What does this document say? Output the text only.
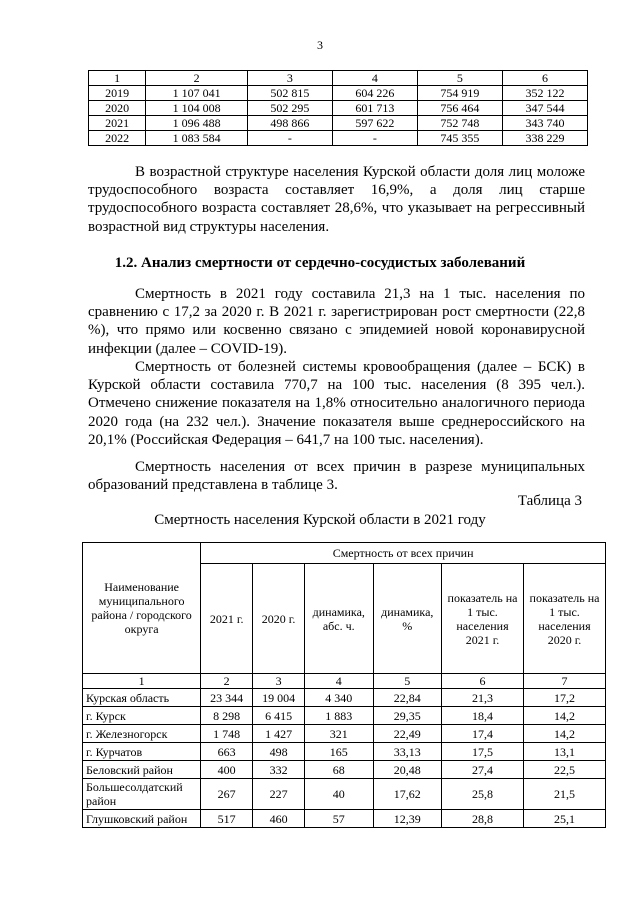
3
1	2	3	4	5	6
2019	1 107 041	502 815	604 226	754 919	352 122
2020	1 104 008	502 295	601 713	756 464	347 544
2021	1 096 488	498 866	597 622	752 748	343 740
2022	1 083 584	-	-	745 355	338 229
В возрастной структуре населения Курской области доля лиц моложе трудоспособного возраста составляет 16,9%, а доля лиц старше трудоспособного возраста составляет 28,6%, что указывает на регрессивный возрастной вид структуры населения.
1.2. Анализ смертности от сердечно-сосудистых заболеваний
Смертность в 2021 году составила 21,3 на 1 тыс. населения по сравнению с 17,2 за 2020 г. В 2021 г. зарегистрирован рост смертности (22,8 %), что прямо или косвенно связано с эпидемией новой коронавирусной инфекции (далее – COVID-19).
Смертность от болезней системы кровообращения (далее – БСК) в Курской области составила 770,7 на 100 тыс. населения (8 395 чел.). Отмечено снижение показателя на 1,8% относительно аналогичного периода 2020 года (на 232 чел.). Значение показателя выше среднероссийского на 20,1% (Российская Федерация – 641,7 на 100 тыс. населения).
Смертность населения от всех причин в разрезе муниципальных образований представлена в таблице 3.
Таблица 3
Смертность населения Курской области в 2021 году
Наименование муниципального района / городского округа	Смертность от всех причин					
	2021 г.	2020 г.	динамика, абс. ч.	динамика, %	показатель на 1 тыс. населения 2021 г.	показатель на 1 тыс. населения 2020 г.
1	2	3	4	5	6	7
Курская область	23 344	19 004	4 340	22,84	21,3	17,2
г. Курск	8 298	6 415	1 883	29,35	18,4	14,2
г. Железногорск	1 748	1 427	321	22,49	17,4	14,2
г. Курчатов	663	498	165	33,13	17,5	13,1
Беловский район	400	332	68	20,48	27,4	22,5
Большесолдатский район	267	227	40	17,62	25,8	21,5
Глушковский район	517	460	57	12,39	28,8	25,1
